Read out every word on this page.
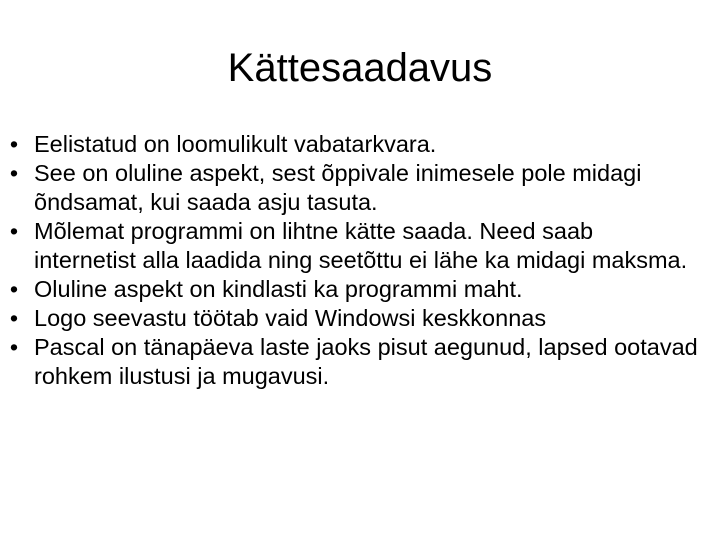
Kättesaadavus
• Eelistatud on loomulikult vabatarkvara.
• See on oluline aspekt, sest õppivale inimesele pole midagi õndsamat, kui saada asju tasuta.
• Mõlemat programmi on lihtne kätte saada. Need saab internetist alla laadida ning seetõttu ei lähe ka midagi maksma.
• Oluline aspekt on kindlasti ka programmi maht.
• Logo seevastu töötab vaid Windowsi keskkonnas
• Pascal on tänapäeva laste jaoks pisut aegunud, lapsed ootavad rohkem ilustusi ja mugavusi.
